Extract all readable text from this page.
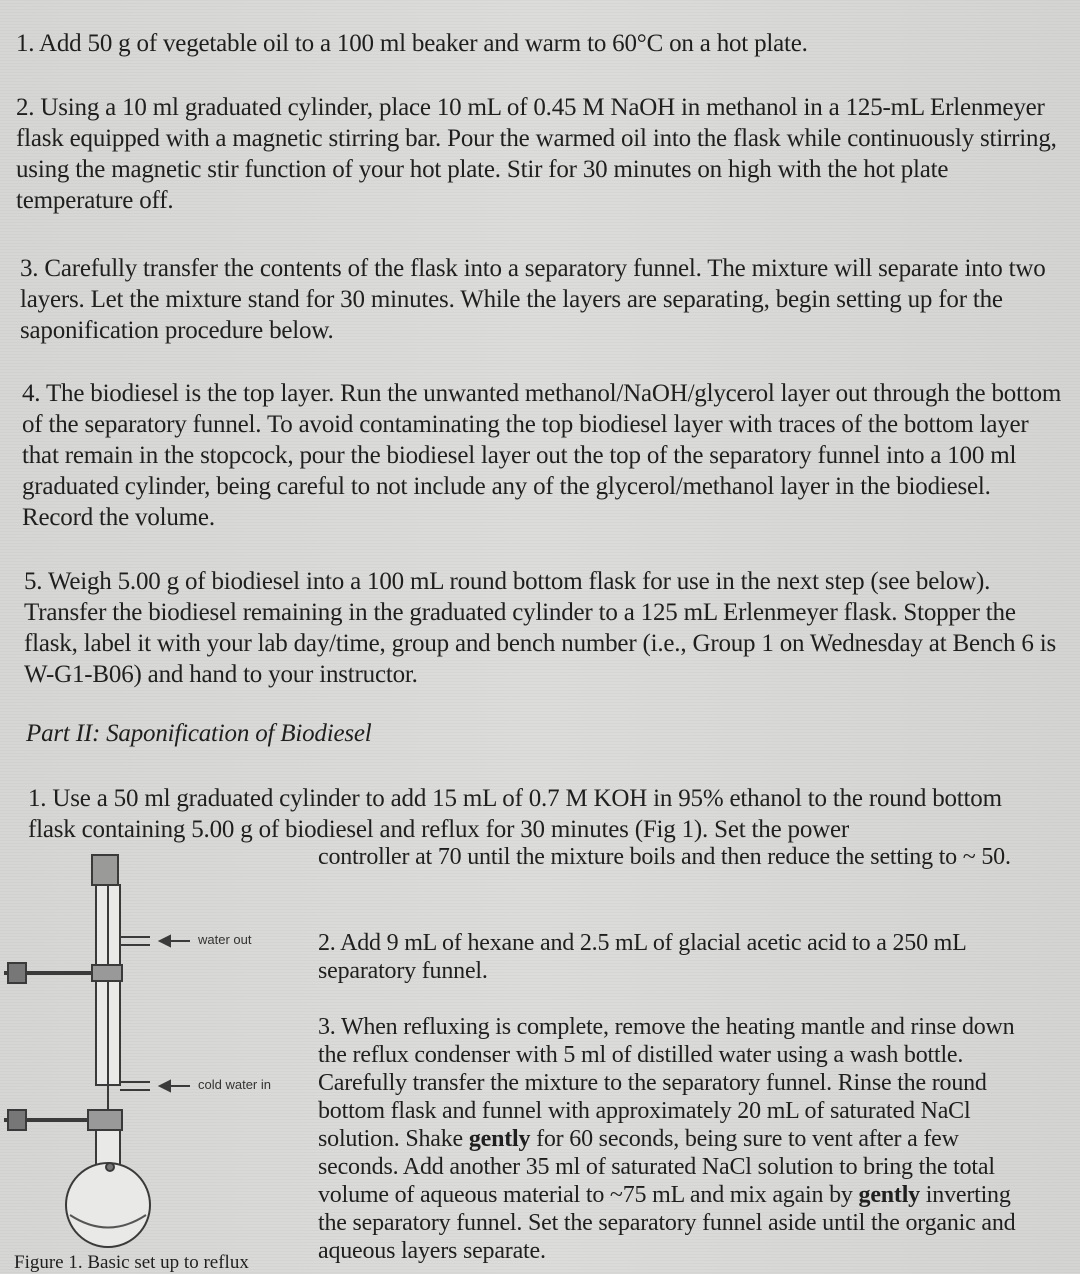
1. Add 50 g of vegetable oil to a 100 ml beaker and warm to 60°C on a hot plate.

2. Using a 10 ml graduated cylinder, place 10 mL of 0.45 M NaOH in methanol in a 125-mL Erlenmeyer flask equipped with a magnetic stirring bar. Pour the warmed oil into the flask while continuously stirring, using the magnetic stir function of your hot plate. Stir for 30 minutes on high with the hot plate temperature off.

3. Carefully transfer the contents of the flask into a separatory funnel. The mixture will separate into two layers. Let the mixture stand for 30 minutes. While the layers are separating, begin setting up for the saponification procedure below.

4. The biodiesel is the top layer. Run the unwanted methanol/NaOH/glycerol layer out through the bottom of the separatory funnel. To avoid contaminating the top biodiesel layer with traces of the bottom layer that remain in the stopcock, pour the biodiesel layer out the top of the separatory funnel into a 100 ml graduated cylinder, being careful to not include any of the glycerol/methanol layer in the biodiesel. Record the volume.

5. Weigh 5.00 g of biodiesel into a 100 mL round bottom flask for use in the next step (see below). Transfer the biodiesel remaining in the graduated cylinder to a 125 mL Erlenmeyer flask. Stopper the flask, label it with your lab day/time, group and bench number (i.e., Group 1 on Wednesday at Bench 6 is W-G1-B06) and hand to your instructor.

Part II: Saponification of Biodiesel

1. Use a 50 ml graduated cylinder to add 15 mL of 0.7 M KOH in 95% ethanol to the round bottom flask containing 5.00 g of biodiesel and reflux for 30 minutes (Fig 1). Set the power

controller at 70 until the mixture boils and then reduce the setting to ~ 50.

2. Add 9 mL of hexane and 2.5 mL of glacial acetic acid to a 250 mL separatory funnel.

3. When refluxing is complete, remove the heating mantle and rinse down the reflux condenser with 5 ml of distilled water using a wash bottle. Carefully transfer the mixture to the separatory funnel. Rinse the round bottom flask and funnel with approximately 20 mL of saturated NaCl solution. Shake gently for 60 seconds, being sure to vent after a few seconds. Add another 35 ml of saturated NaCl solution to bring the total volume of aqueous material to ~75 mL and mix again by gently inverting the separatory funnel. Set the separatory funnel aside until the organic and aqueous layers separate.

water out
cold water in
Figure 1. Basic set up to reflux
